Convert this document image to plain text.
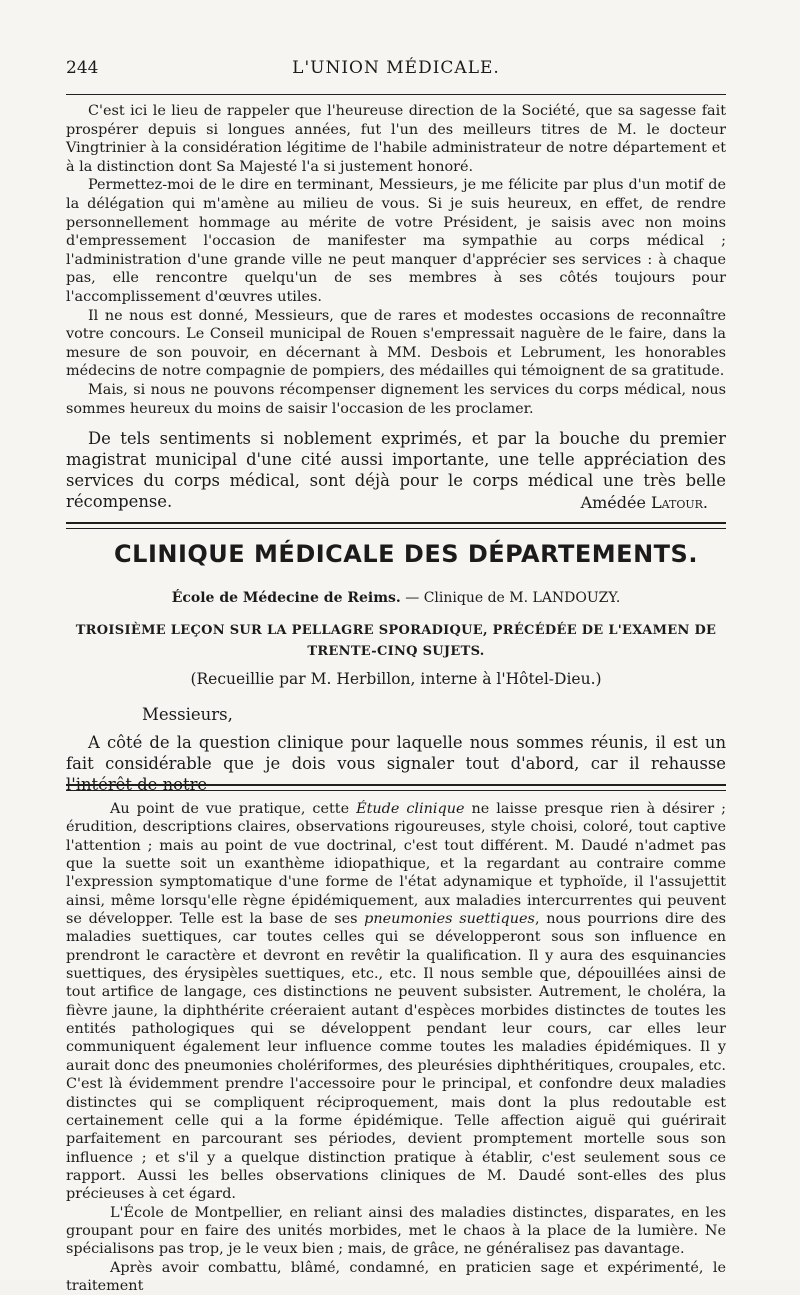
244	L'UNION MÉDICALE.

C'est ici le lieu de rappeler que l'heureuse direction de la Société, que sa sagesse fait prospérer depuis si longues années, fut l'un des meilleurs titres de M. le docteur Vingtrinier à la considération légitime de l'habile administrateur de notre département et à la distinction dont Sa Majesté l'a si justement honoré.

Permettez-moi de le dire en terminant, Messieurs, je me félicite par plus d'un motif de la délégation qui m'amène au milieu de vous. Si je suis heureux, en effet, de rendre personnellement hommage au mérite de votre Président, je saisis avec non moins d'empressement l'occasion de manifester ma sympathie au corps médical ; l'administration d'une grande ville ne peut manquer d'apprécier ses services : à chaque pas, elle rencontre quelqu'un de ses membres à ses côtés toujours pour l'accomplissement d'œuvres utiles.

Il ne nous est donné, Messieurs, que de rares et modestes occasions de reconnaître votre concours. Le Conseil municipal de Rouen s'empressait naguère de le faire, dans la mesure de son pouvoir, en décernant à MM. Desbois et Lebrument, les honorables médecins de notre compagnie de pompiers, des médailles qui témoignent de sa gratitude.

Mais, si nous ne pouvons récompenser dignement les services du corps médical, nous sommes heureux du moins de saisir l'occasion de les proclamer.

De tels sentiments si noblement exprimés, et par la bouche du premier magistrat municipal d'une cité aussi importante, une telle appréciation des services du corps médical, sont déjà pour le corps médical une très belle récompense.	Amédée Latour.
CLINIQUE MÉDICALE DES DÉPARTEMENTS.
École de Médecine de Reims. — Clinique de M. LANDOUZY.
TROISIÈME LEÇON SUR LA PELLAGRE SPORADIQUE, PRÉCÉDÉE DE L'EXAMEN DE
TRENTE-CINQ SUJETS.
(Recueillie par M. Herbillon, interne à l'Hôtel-Dieu.)
Messieurs,

A côté de la question clinique pour laquelle nous sommes réunis, il est un fait considérable que je dois vous signaler tout d'abord, car il rehausse l'intérêt de notre

Au point de vue pratique, cette Étude clinique ne laisse presque rien à désirer ; érudition, descriptions claires, observations rigoureuses, style choisi, coloré, tout captive l'attention ; mais au point de vue doctrinal, c'est tout différent. M. Daudé n'admet pas que la suette soit un exanthème idiopathique, et la regardant au contraire comme l'expression symptomatique d'une forme de l'état adynamique et typhoïde, il l'assujettit ainsi, même lorsqu'elle règne épidémiquement, aux maladies intercurrentes qui peuvent se développer. Telle est la base de ses pneumonies suettiques, nous pourrions dire des maladies suettiques, car toutes celles qui se développeront sous son influence en prendront le caractère et devront en revêtir la qualification. Il y aura des esquinancies suettiques, des érysipèles suettiques, etc., etc. Il nous semble que, dépouillées ainsi de tout artifice de langage, ces distinctions ne peuvent subsister. Autrement, le choléra, la fièvre jaune, la diphthérite créeraient autant d'espèces morbides distinctes de toutes les entités pathologiques qui se développent pendant leur cours, car elles leur communiquent également leur influence comme toutes les maladies épidémiques. Il y aurait donc des pneumonies cholériformes, des pleurésies diphthéritiques, croupales, etc. C'est là évidemment prendre l'accessoire pour le principal, et confondre deux maladies distinctes qui se compliquent réciproquement, mais dont la plus redoutable est certainement celle qui a la forme épidémique. Telle affection aiguë qui guérirait parfaitement en parcourant ses périodes, devient promptement mortelle sous son influence ; et s'il y a quelque distinction pratique à établir, c'est seulement sous ce rapport. Aussi les belles observations cliniques de M. Daudé sont-elles des plus précieuses à cet égard.

L'École de Montpellier, en reliant ainsi des maladies distinctes, disparates, en les groupant pour en faire des unités morbides, met le chaos à la place de la lumière. Ne spécialisons pas trop, je le veux bien ; mais, de grâce, ne généralisez pas davantage.

Après avoir combattu, blâmé, condamné, en praticien sage et expérimenté, le traitement
